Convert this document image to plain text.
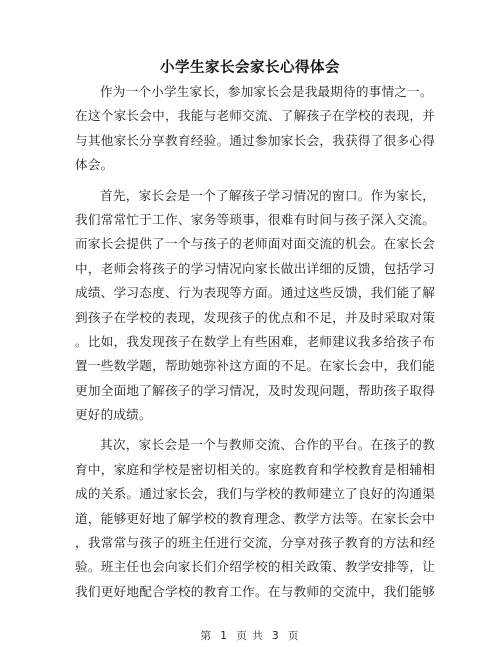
小学生家长会家长心得体会
作为一个小学生家长，参加家长会是我最期待的事情之一。
在这个家长会中，我能与老师交流、了解孩子在学校的表现，并
与其他家长分享教育经验。通过参加家长会，我获得了很多心得
体会。
首先，家长会是一个了解孩子学习情况的窗口。作为家长，
我们常常忙于工作、家务等琐事，很难有时间与孩子深入交流。
而家长会提供了一个与孩子的老师面对面交流的机会。在家长会
中，老师会将孩子的学习情况向家长做出详细的反馈，包括学习
成绩、学习态度、行为表现等方面。通过这些反馈，我们能了解
到孩子在学校的表现，发现孩子的优点和不足，并及时采取对策
。比如，我发现孩子在数学上有些困难，老师建议我多给孩子布
置一些数学题，帮助她弥补这方面的不足。在家长会中，我们能
更加全面地了解孩子的学习情况，及时发现问题，帮助孩子取得
更好的成绩。
其次，家长会是一个与教师交流、合作的平台。在孩子的教
育中，家庭和学校是密切相关的。家庭教育和学校教育是相辅相
成的关系。通过家长会，我们与学校的教师建立了良好的沟通渠
道，能够更好地了解学校的教育理念、教学方法等。在家长会中
，我常常与孩子的班主任进行交流，分享对孩子教育的方法和经
验。班主任也会向家长们介绍学校的相关政策、教学安排等，让
我们更好地配合学校的教育工作。在与教师的交流中，我们能够
第 1 页 共 3 页
